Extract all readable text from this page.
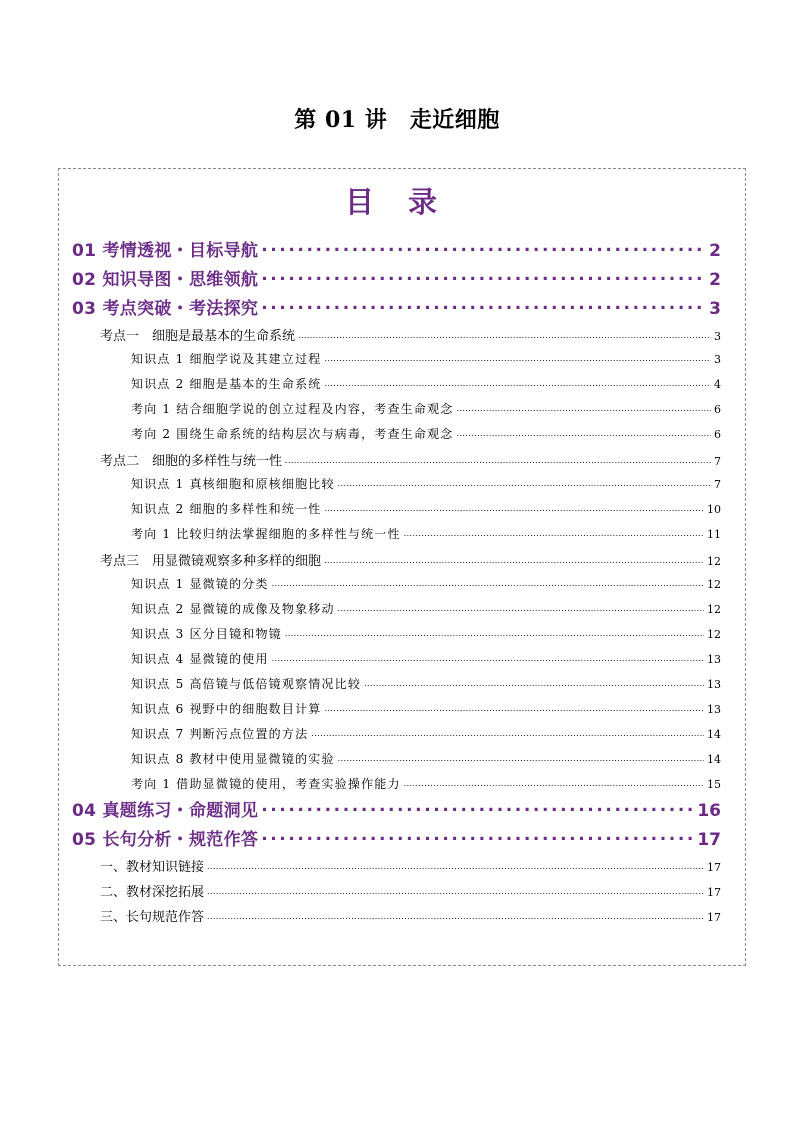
第 01 讲　走近细胞
目 录
01 考情透视・目标导航 .....	2
02 知识导图・思维领航 .....	2
03 考点突破・考法探究 .....	3
考点一　细胞是最基本的生命系统 .....	3
知识点 1 细胞学说及其建立过程 .....	3
知识点 2 细胞是基本的生命系统 .....	4
考向 1 结合细胞学说的创立过程及内容，考查生命观念 .....	6
考向 2 围绕生命系统的结构层次与病毒，考查生命观念 .....	6
考点二　细胞的多样性与统一性 .....	7
知识点 1 真核细胞和原核细胞比较 .....	7
知识点 2 细胞的多样性和统一性 .....	10
考向 1 比较归纳法掌握细胞的多样性与统一性 .....	11
考点三　用显微镜观察多种多样的细胞 .....	12
知识点 1 显微镜的分类 .....	12
知识点 2 显微镜的成像及物象移动 .....	12
知识点 3 区分目镜和物镜 .....	12
知识点 4 显微镜的使用 .....	13
知识点 5 高倍镜与低倍镜观察情况比较 .....	13
知识点 6 视野中的细胞数目计算 .....	13
知识点 7 判断污点位置的方法 .....	14
知识点 8 教材中使用显微镜的实验 .....	14
考向 1 借助显微镜的使用，考查实验操作能力 .....	15
04 真题练习・命题洞见 .....	16
05 长句分析・规范作答 .....	17
一、教材知识链接 .....	17
二、教材深挖拓展 .....	17
三、长句规范作答 .....	17
